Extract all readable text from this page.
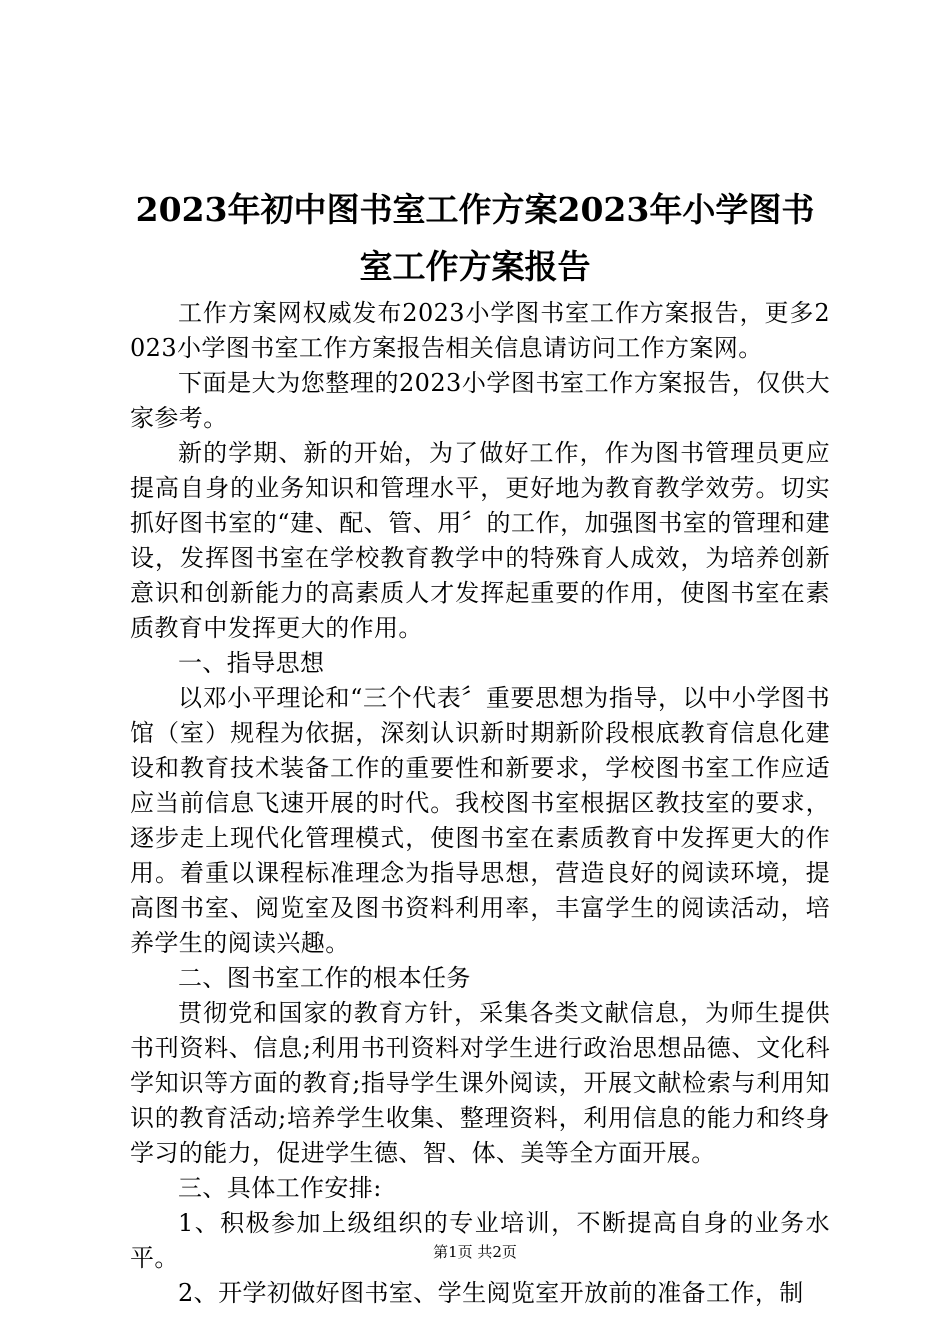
2023年初中图书室工作方案2023年小学图书
室工作方案报告

工作方案网权威发布2023小学图书室工作方案报告，更多2023小学图书室工作方案报告相关信息请访问工作方案网。

下面是大为您整理的2023小学图书室工作方案报告，仅供大家参考。

新的学期、新的开始，为了做好工作，作为图书管理员更应提高自身的业务知识和管理水平，更好地为教育教学效劳。切实抓好图书室的“建、配、管、用〞的工作，加强图书室的管理和建设，发挥图书室在学校教育教学中的特殊育人成效，为培养创新意识和创新能力的高素质人才发挥起重要的作用，使图书室在素质教育中发挥更大的作用。

一、指导思想

以邓小平理论和“三个代表〞重要思想为指导，以中小学图书馆（室）规程为依据，深刻认识新时期新阶段根底教育信息化建设和教育技术装备工作的重要性和新要求，学校图书室工作应适应当前信息飞速开展的时代。我校图书室根据区教技室的要求，逐步走上现代化管理模式，使图书室在素质教育中发挥更大的作用。着重以课程标准理念为指导思想，营造良好的阅读环境，提高图书室、阅览室及图书资料利用率，丰富学生的阅读活动，培养学生的阅读兴趣。

二、图书室工作的根本任务

贯彻党和国家的教育方针，采集各类文献信息，为师生提供书刊资料、信息;利用书刊资料对学生进行政治思想品德、文化科学知识等方面的教育;指导学生课外阅读，开展文献检索与利用知识的教育活动;培养学生收集、整理资料，利用信息的能力和终身学习的能力，促进学生德、智、体、美等全方面开展。

三、具体工作安排:

1、积极参加上级组织的专业培训，不断提高自身的业务水平。

2、开学初做好图书室、学生阅览室开放前的准备工作，制

第1页 共2页
